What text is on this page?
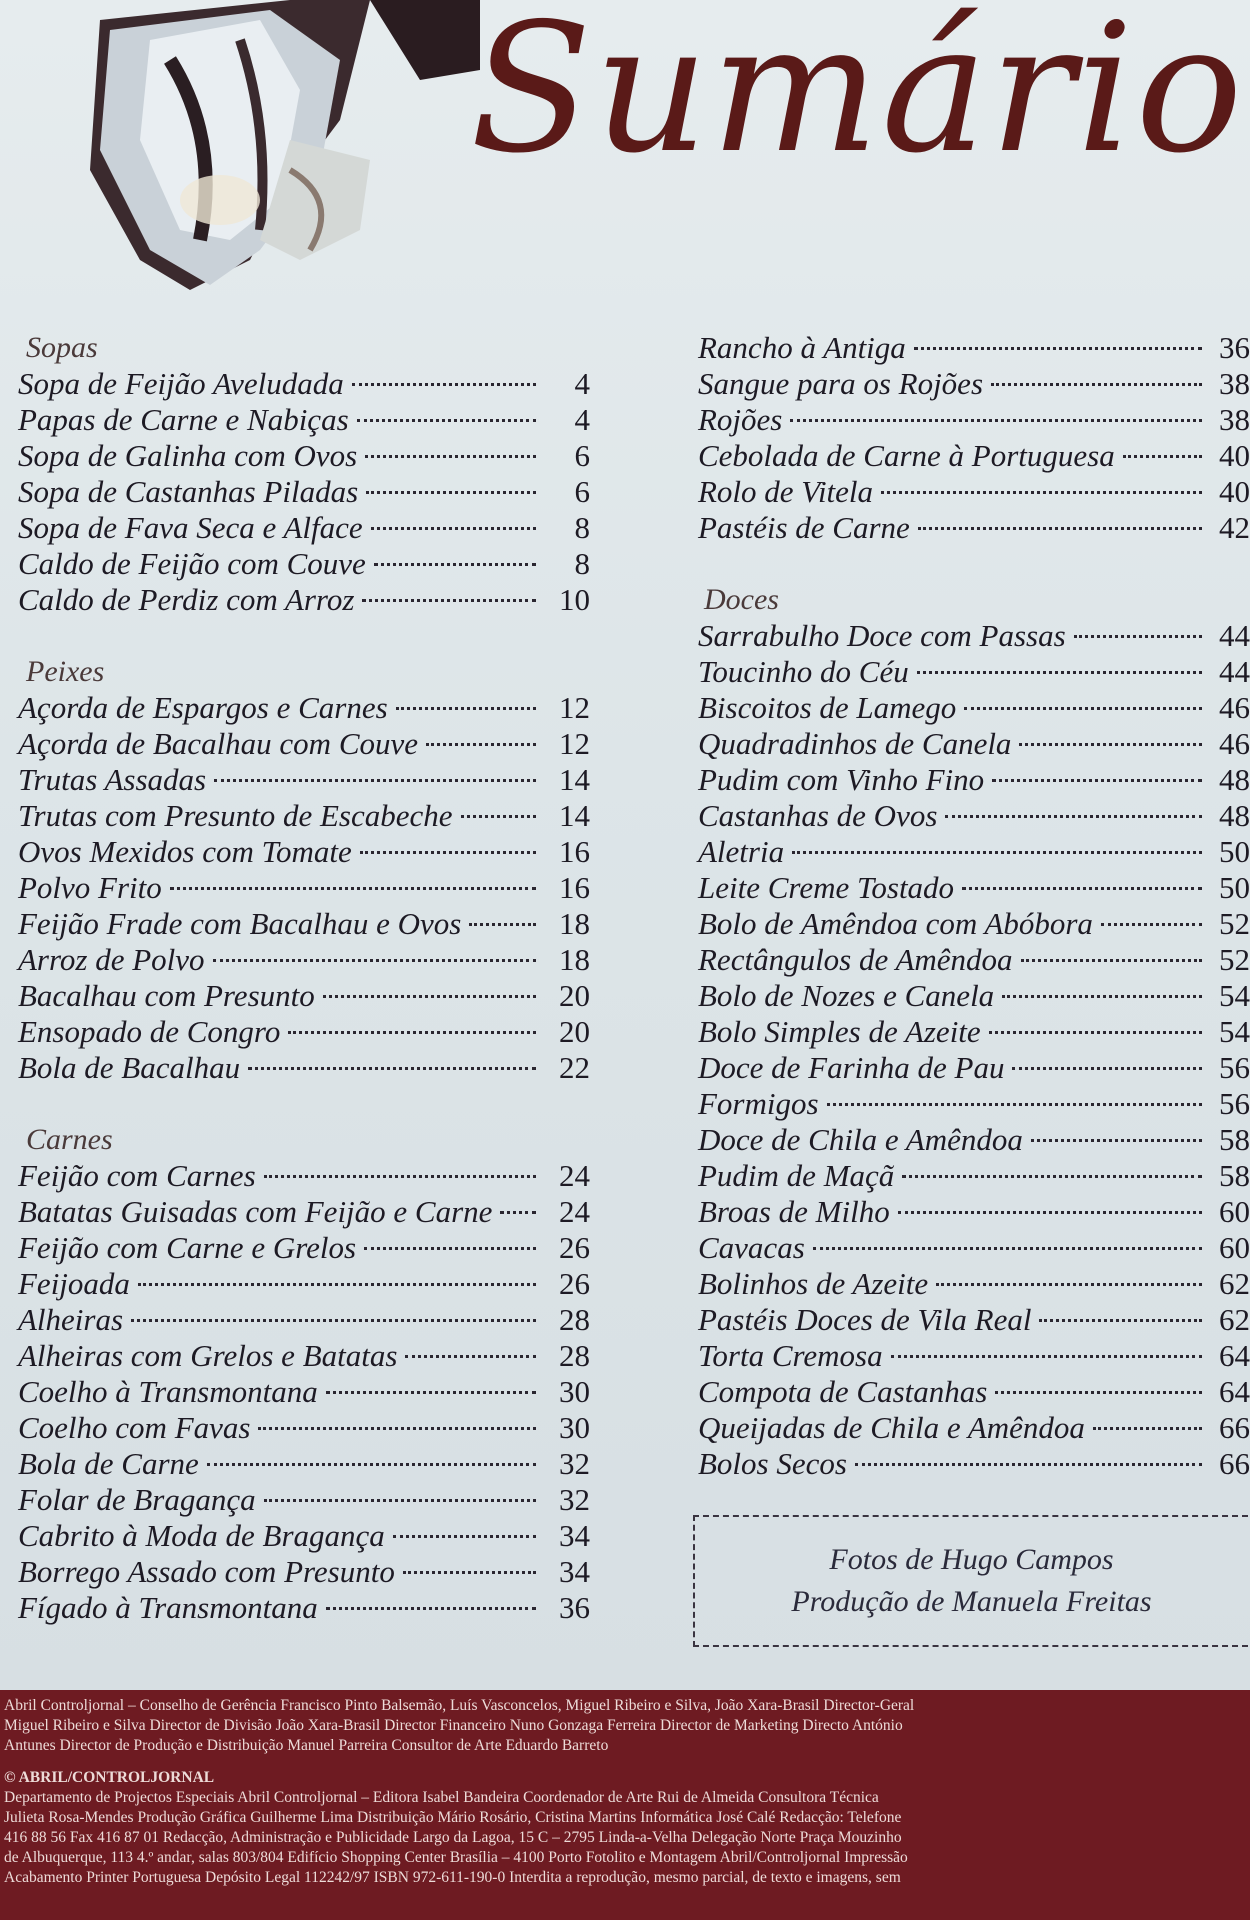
Sumário
Sopas
Sopa de Feijão Aveludada	4
Papas de Carne e Nabiças	4
Sopa de Galinha com Ovos	6
Sopa de Castanhas Piladas	6
Sopa de Fava Seca e Alface	8
Caldo de Feijão com Couve	8
Caldo de Perdiz com Arroz	10
Peixes
Açorda de Espargos e Carnes	12
Açorda de Bacalhau com Couve	12
Trutas Assadas	14
Trutas com Presunto de Escabeche	14
Ovos Mexidos com Tomate	16
Polvo Frito	16
Feijão Frade com Bacalhau e Ovos	18
Arroz de Polvo	18
Bacalhau com Presunto	20
Ensopado de Congro	20
Bola de Bacalhau	22
Carnes
Feijão com Carnes	24
Batatas Guisadas com Feijão e Carne	24
Feijão com Carne e Grelos	26
Feijoada	26
Alheiras	28
Alheiras com Grelos e Batatas	28
Coelho à Transmontana	30
Coelho com Favas	30
Bola de Carne	32
Folar de Bragança	32
Cabrito à Moda de Bragança	34
Borrego Assado com Presunto	34
Fígado à Transmontana	36
Rancho à Antiga	36
Sangue para os Rojões	38
Rojões	38
Cebolada de Carne à Portuguesa	40
Rolo de Vitela	40
Pastéis de Carne	42
Doces
Sarrabulho Doce com Passas	44
Toucinho do Céu	44
Biscoitos de Lamego	46
Quadradinhos de Canela	46
Pudim com Vinho Fino	48
Castanhas de Ovos	48
Aletria	50
Leite Creme Tostado	50
Bolo de Amêndoa com Abóbora	52
Rectângulos de Amêndoa	52
Bolo de Nozes e Canela	54
Bolo Simples de Azeite	54
Doce de Farinha de Pau	56
Formigos	56
Doce de Chila e Amêndoa	58
Pudim de Maçã	58
Broas de Milho	60
Cavacas	60
Bolinhos de Azeite	62
Pastéis Doces de Vila Real	62
Torta Cremosa	64
Compota de Castanhas	64
Queijadas de Chila e Amêndoa	66
Bolos Secos	66
Fotos de Hugo Campos
Produção de Manuela Freitas

Abril Controljornal – Conselho de Gerência Francisco Pinto Balsemão, Luís Vasconcelos, Miguel Ribeiro e Silva, João Xara-Brasil Director-Geral

Miguel Ribeiro e Silva Director de Divisão João Xara-Brasil Director Financeiro Nuno Gonzaga Ferreira Director de Marketing Directo António

Antunes Director de Produção e Distribuição Manuel Parreira Consultor de Arte Eduardo Barreto

© ABRIL/CONTROLJORNAL

Departamento de Projectos Especiais Abril Controljornal – Editora Isabel Bandeira Coordenador de Arte Rui de Almeida Consultora Técnica

Julieta Rosa-Mendes Produção Gráfica Guilherme Lima Distribuição Mário Rosário, Cristina Martins Informática José Calé Redacção: Telefone

416 88 56 Fax 416 87 01 Redacção, Administração e Publicidade Largo da Lagoa, 15 C – 2795 Linda-a-Velha Delegação Norte Praça Mouzinho

de Albuquerque, 113 4.º andar, salas 803/804 Edifício Shopping Center Brasília – 4100 Porto Fotolito e Montagem Abril/Controljornal Impressão

Acabamento Printer Portuguesa Depósito Legal 112242/97 ISBN 972-611-190-0 Interdita a reprodução, mesmo parcial, de texto e imagens, sem
